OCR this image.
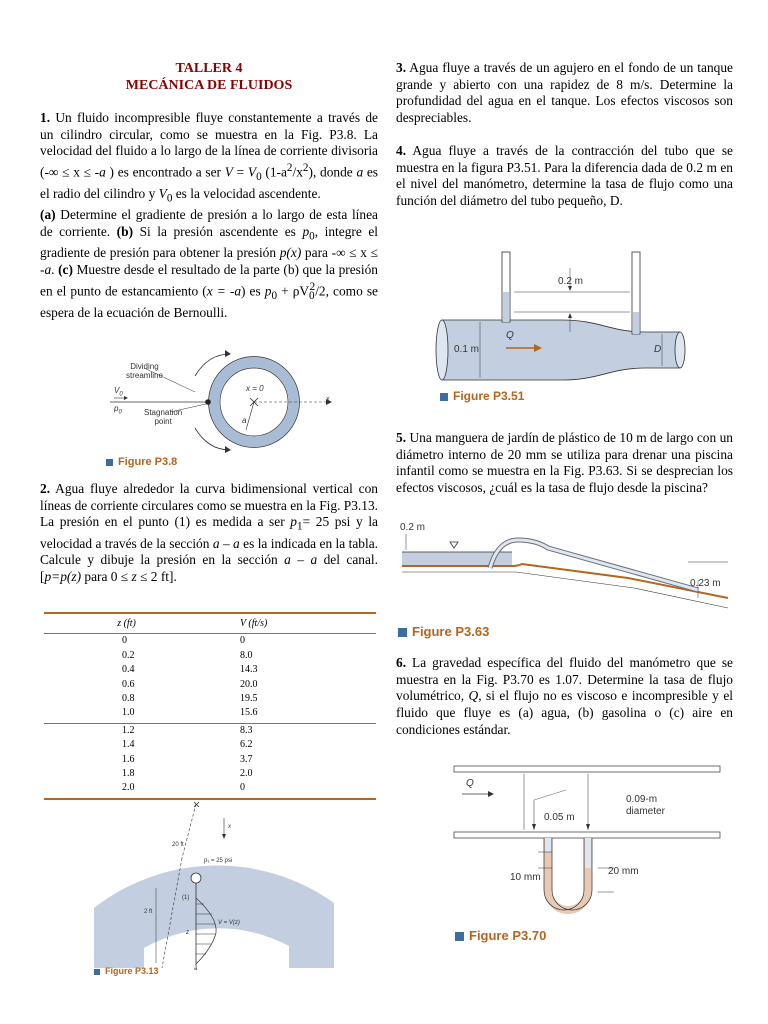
TALLER 4
MECÁNICA DE FLUIDOS

1. Un fluido incompresible fluye constantemente a través de un cilindro circular, como se muestra en la Fig. P3.8. La velocidad del fluido a lo largo de la línea de corriente divisoria (-∞ ≤ x ≤ -a ) es encontrado a ser $V = V_0$ $(1-a^2/x^2)$, donde a es el radio del cilindro y $V_0$ es la velocidad ascendente.
(a) Determine el gradiente de presión a lo largo de esta línea de corriente. (b) Si la presión ascendente es $p_0$, integre el gradiente de presión para obtener la presión p(x) para -∞ ≤ x ≤ -a. (c) Muestre desde el resultado de la parte (b) que la presión en el punto de estancamiento (x = -a) es $p_0 + \rho V_0^2/2$, como se espera de la ecuación de Bernoulli.

Dividing
streamline
$V_0$
$p_0$	Stagnation
point
x = 0
a
x
Figure P3.8

2. Agua fluye alrededor la curva bidimensional vertical con líneas de corriente circulares como se muestra en la Fig. P3.13. La presión en el punto (1) es medida a ser $p_1= 25$ psi y la velocidad a través de la sección a – a es la indicada en la tabla. Calcule y dibuje la presión en la sección a – a del canal. [p=p(z) para 0 ≤ z ≤ 2 ft].

z (ft)	V (ft/s)
0	0
0.2	8.0
0.4	14.3
0.6	20.0
0.8	19.5
1.0	15.6
1.2	8.3
1.4	6.2
1.6	3.7
1.8	2.0
2.0	0
20 ft
p₁ = 25 psi
(1)
2 ft
V = V(z)
z
a
x
Figure P3.13

3. Agua fluye a través de un agujero en el fondo de un tanque grande y abierto con una rapidez de 8 m/s. Determine la profundidad del agua en el tanque. Los efectos viscosos son despreciables.

4. Agua fluye a través de la contracción del tubo que se muestra en la figura P3.51. Para la diferencia dada de 0.2 m en el nivel del manómetro, determine la tasa de flujo como una función del diámetro del tubo pequeño, D.

0.2 m
0.1 m
Q
D
Figure P3.51

5. Una manguera de jardín de plástico de 10 m de largo con un diámetro interno de 20 mm se utiliza para drenar una piscina infantil como se muestra en la Fig. P3.63. Si se desprecian los efectos viscosos, ¿cuál es la tasa de flujo desde la piscina?

0.2 m
0.23 m
Figure P3.63

6. La gravedad específica del fluido del manómetro que se muestra en la Fig. P3.70 es 1.07. Determine la tasa de flujo volumétrico, Q, si el flujo no es viscoso e incompresible y el fluido que fluye es (a) agua, (b) gasolina o (c) aire en condiciones estándar.

Q
0.05 m
0.09-m
diameter
10 mm
20 mm
Figure P3.70
